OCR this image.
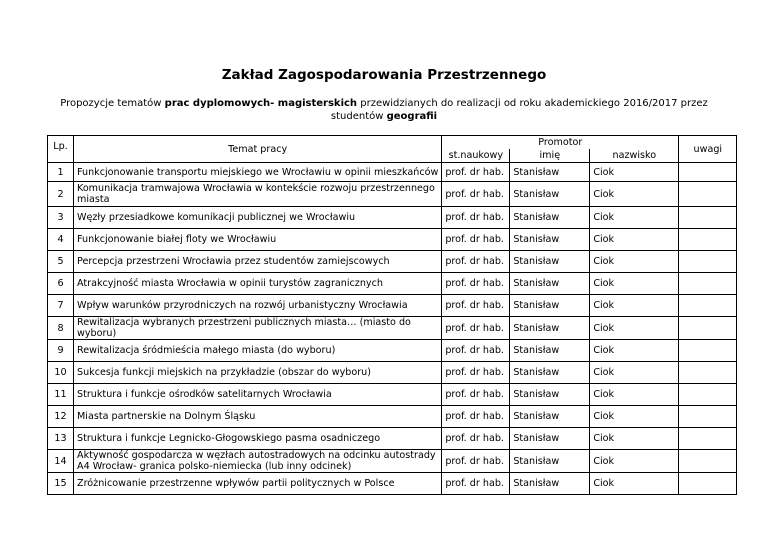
Zakład Zagospodarowania Przestrzennego
Propozycje tematów prac dyplomowych- magisterskich przewidzianych do realizacji od roku akademickiego 2016/2017 przez
studentów geografii
Lp.	Temat pracy	Promotor			uwagi
		st.naukowy	imię	nazwisko	
1	Funkcjonowanie transportu miejskiego we Wrocławiu w opinii mieszkańców	prof. dr hab.	Stanisław	Ciok	
2	Komunikacja tramwajowa Wrocławia w kontekście rozwoju przestrzennego miasta	prof. dr hab.	Stanisław	Ciok	
3	Węzły przesiadkowe komunikacji publicznej we Wrocławiu	prof. dr hab.	Stanisław	Ciok	
4	Funkcjonowanie białej floty we Wrocławiu	prof. dr hab.	Stanisław	Ciok	
5	Percepcja przestrzeni Wrocławia przez studentów zamiejscowych	prof. dr hab.	Stanisław	Ciok	
6	Atrakcyjność miasta Wrocławia w opinii turystów zagranicznych	prof. dr hab.	Stanisław	Ciok	
7	Wpływ warunków przyrodniczych na rozwój urbanistyczny Wrocławia	prof. dr hab.	Stanisław	Ciok	
8	Rewitalizacja wybranych przestrzeni publicznych miasta… (miasto do wyboru)	prof. dr hab.	Stanisław	Ciok	
9	Rewitalizacja śródmieścia małego miasta (do wyboru)	prof. dr hab.	Stanisław	Ciok	
10	Sukcesja funkcji miejskich na przykładzie (obszar do wyboru)	prof. dr hab.	Stanisław	Ciok	
11	Struktura i funkcje ośrodków satelitarnych Wrocławia	prof. dr hab.	Stanisław	Ciok	
12	Miasta partnerskie na Dolnym Śląsku	prof. dr hab.	Stanisław	Ciok	
13	Struktura i funkcje Legnicko-Głogowskiego pasma osadniczego	prof. dr hab.	Stanisław	Ciok	
14	Aktywność gospodarcza w węzłach autostradowych na odcinku autostrady A4 Wrocław- granica polsko-niemiecka (lub inny odcinek)	prof. dr hab.	Stanisław	Ciok	
15	Zróżnicowanie przestrzenne wpływów partii politycznych w Polsce	prof. dr hab.	Stanisław	Ciok	
